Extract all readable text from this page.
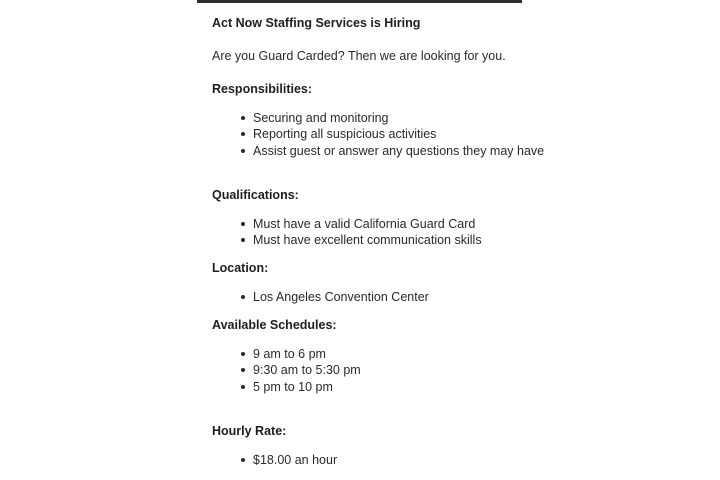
Act Now Staffing Services is Hiring
Are you Guard Carded? Then we are looking for you.
Responsibilities:
Securing and monitoring
Reporting all suspicious activities
Assist guest or answer any questions they may have
Qualifications:
Must have a valid California Guard Card
Must have excellent communication skills
Location:
Los Angeles Convention Center
Available Schedules:
9 am to 6 pm
9:30 am to 5:30 pm
5 pm to 10 pm
Hourly Rate:
$18.00 an hour
